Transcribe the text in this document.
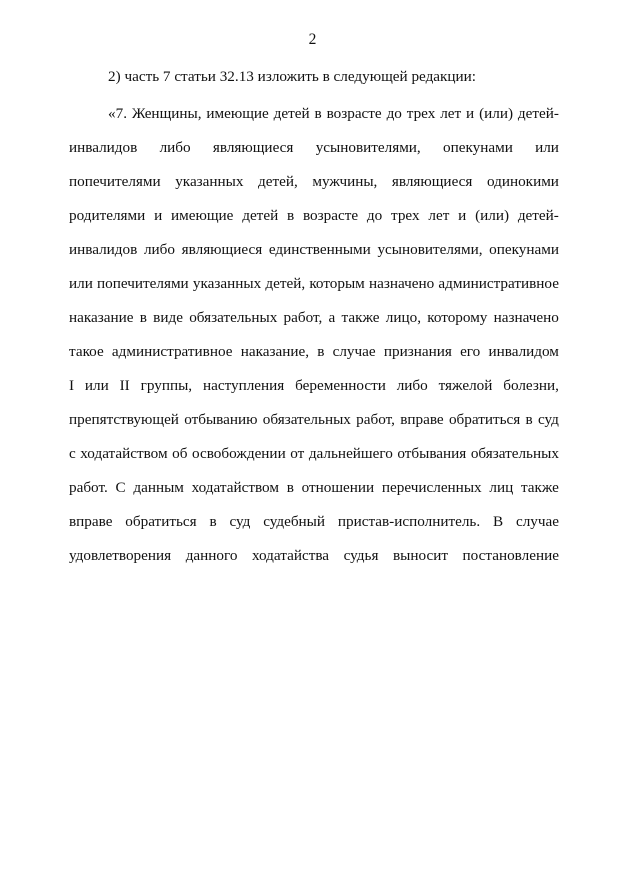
2
2) часть 7 статьи 32.13 изложить в следующей редакции:
«7. Женщины, имеющие детей в возрасте до трех лет и (или) детей-
инвалидов либо являющиеся усыновителями, опекунами или
попечителями указанных детей, мужчины, являющиеся одинокими
родителями и имеющие детей в возрасте до трех лет и (или) детей-
инвалидов либо являющиеся единственными усыновителями, опекунами
или попечителями указанных детей, которым назначено административное
наказание в виде обязательных работ, а также лицо, которому назначено
такое административное наказание, в случае признания его инвалидом
I или II группы, наступления беременности либо тяжелой болезни,
препятствующей отбыванию обязательных работ, вправе обратиться в суд
с ходатайством об освобождении от дальнейшего отбывания обязательных
работ. С данным ходатайством в отношении перечисленных лиц также
вправе обратиться в суд судебный пристав-исполнитель. В случае
удовлетворения данного ходатайства судья выносит постановление
